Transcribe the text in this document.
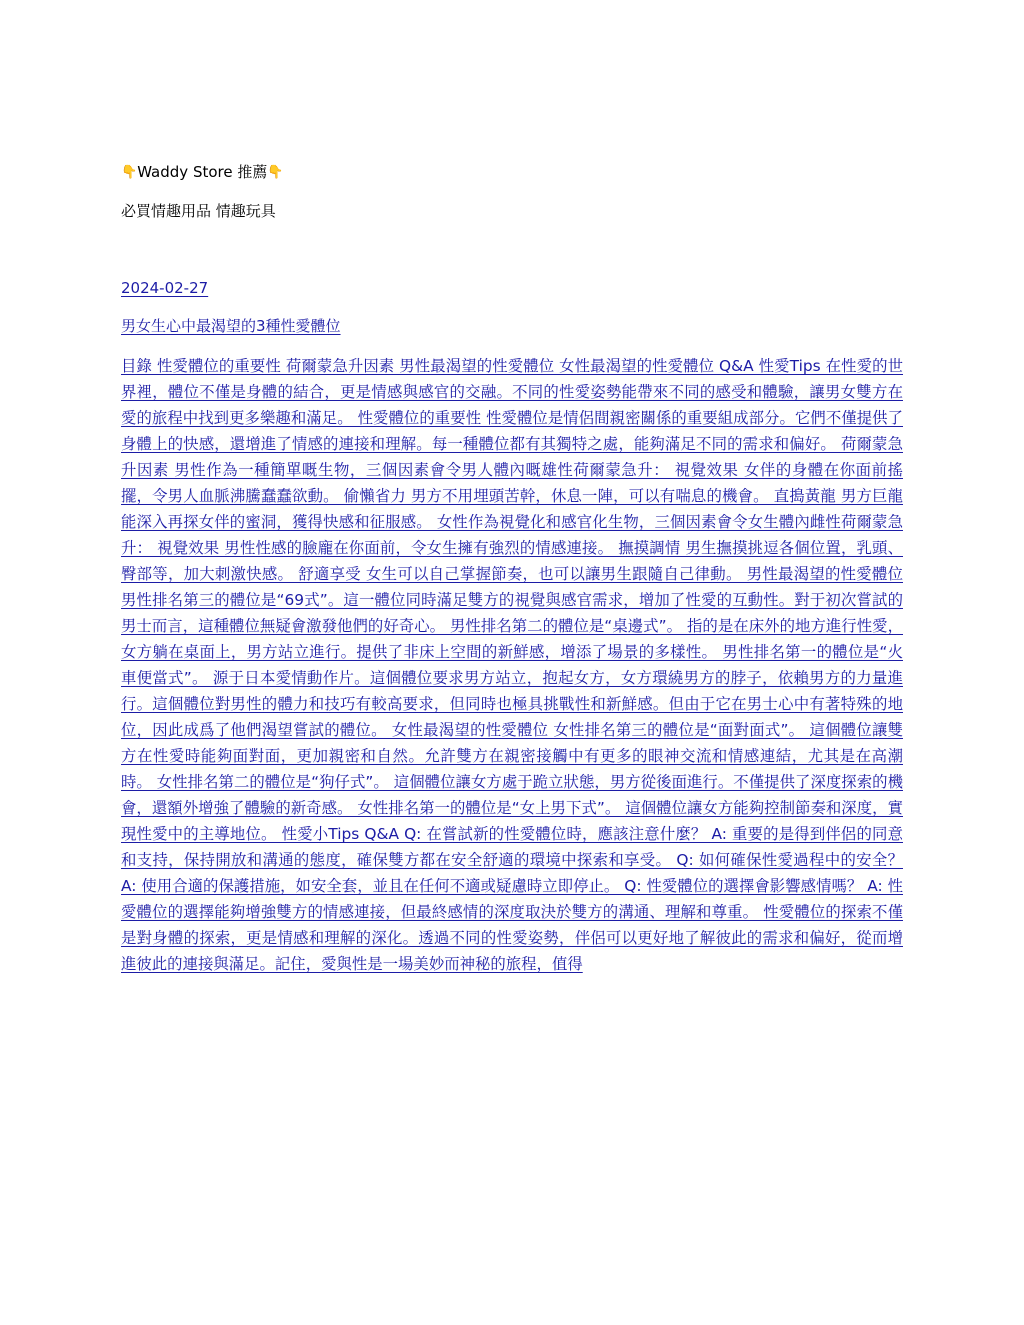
👇Waddy Store 推薦👇
必買情趣用品 情趣玩具
2024-02-27
男女生心中最渴望的3種性愛體位

目錄 性愛體位的重要性 荷爾蒙急升因素 男性最渴望的性愛體位 女性最渴望的性愛體位 Q&A 性愛Tips 在性愛的世界裡，體位不僅是身體的結合，更是情感與感官的交融。不同的性愛姿勢能帶來不同的感受和體驗，讓男女雙方在愛的旅程中找到更多樂趣和滿足。 性愛體位的重要性 性愛體位是情侶間親密關係的重要組成部分。它們不僅提供了身體上的快感，還增進了情感的連接和理解。每一種體位都有其獨特之處，能夠滿足不同的需求和偏好。 荷爾蒙急升因素 男性作為一種簡單嘅生物，三個因素會令男人體內嘅雄性荷爾蒙急升： 視覺效果 女伴的身體在你面前搖擺，令男人血脈沸騰蠢蠢欲動。 偷懶省力 男方不用埋頭苦幹，休息一陣，可以有喘息的機會。 直搗黃龍 男方巨龍能深入再探女伴的蜜洞，獲得快感和征服感。 女性作為視覺化和感官化生物，三個因素會令女生體內雌性荷爾蒙急升： 視覺效果 男性性感的臉龐在你面前，令女生擁有強烈的情感連接。 撫摸調情 男生撫摸挑逗各個位置，乳頭、臀部等，加大刺激快感。 舒適享受 女生可以自己掌握節奏，也可以讓男生跟隨自己律動。 男性最渴望的性愛體位 男性排名第三的體位是“69式”。這一體位同時滿足雙方的視覺與感官需求，增加了性愛的互動性。對于初次嘗試的男士而言，這種體位無疑會激發他們的好奇心。 男性排名第二的體位是“桌邊式”。 指的是在床外的地方進行性愛，女方躺在桌面上，男方站立進行。提供了非床上空間的新鮮感，增添了場景的多樣性。 男性排名第一的體位是“火車便當式”。 源于日本愛情動作片。這個體位要求男方站立，抱起女方，女方環繞男方的脖子，依賴男方的力量進行。這個體位對男性的體力和技巧有較高要求，但同時也極具挑戰性和新鮮感。但由于它在男士心中有著特殊的地位，因此成爲了他們渴望嘗試的體位。 女性最渴望的性愛體位 女性排名第三的體位是“面對面式”。 這個體位讓雙方在性愛時能夠面對面，更加親密和自然。允許雙方在親密接觸中有更多的眼神交流和情感連結，尤其是在高潮時。 女性排名第二的體位是“狗仔式”。 這個體位讓女方處于跪立狀態，男方從後面進行。不僅提供了深度探索的機會，還額外增強了體驗的新奇感。 女性排名第一的體位是“女上男下式”。 這個體位讓女方能夠控制節奏和深度，實現性愛中的主導地位。 性愛小Tips Q&A Q: 在嘗試新的性愛體位時，應該注意什麼？ A: 重要的是得到伴侶的同意和支持，保持開放和溝通的態度，確保雙方都在安全舒適的環境中探索和享受。 Q: 如何確保性愛過程中的安全？ A: 使用合適的保護措施，如安全套，並且在任何不適或疑慮時立即停止。 Q: 性愛體位的選擇會影響感情嗎？ A: 性愛體位的選擇能夠增強雙方的情感連接，但最終感情的深度取決於雙方的溝通、理解和尊重。 性愛體位的探索不僅是對身體的探索，更是情感和理解的深化。透過不同的性愛姿勢，伴侶可以更好地了解彼此的需求和偏好，從而增進彼此的連接與滿足。記住，愛與性是一場美妙而神秘的旅程，值得
